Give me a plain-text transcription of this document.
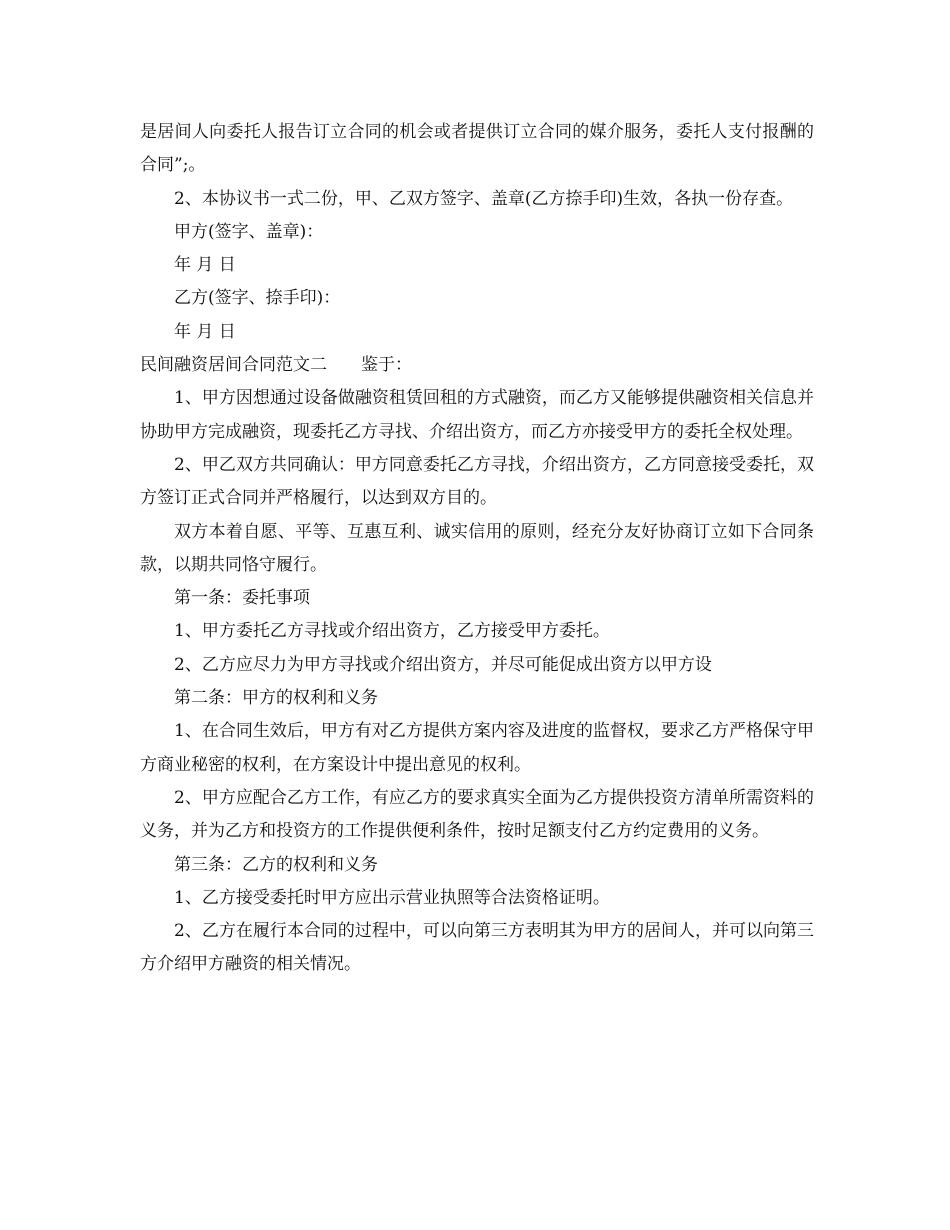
是居间人向委托人报告订立合同的机会或者提供订立合同的媒介服务，委托人支付报酬的合同”;。

2、本协议书一式二份，甲、乙双方签字、盖章(乙方捺手印)生效，各执一份存查。

甲方(签字、盖章)：

年 月 日

乙方(签字、捺手印)：

年 月 日

民间融资居间合同范文二　　鉴于：

1、甲方因想通过设备做融资租赁回租的方式融资，而乙方又能够提供融资相关信息并协助甲方完成融资，现委托乙方寻找、介绍出资方，而乙方亦接受甲方的委托全权处理。

2、甲乙双方共同确认：甲方同意委托乙方寻找，介绍出资方，乙方同意接受委托，双方签订正式合同并严格履行，以达到双方目的。

双方本着自愿、平等、互惠互利、诚实信用的原则，经充分友好协商订立如下合同条款，以期共同恪守履行。

第一条：委托事项

1、甲方委托乙方寻找或介绍出资方，乙方接受甲方委托。

2、乙方应尽力为甲方寻找或介绍出资方，并尽可能促成出资方以甲方设

第二条：甲方的权利和义务

1、在合同生效后，甲方有对乙方提供方案内容及进度的监督权，要求乙方严格保守甲方商业秘密的权利，在方案设计中提出意见的权利。

2、甲方应配合乙方工作，有应乙方的要求真实全面为乙方提供投资方清单所需资料的义务，并为乙方和投资方的工作提供便利条件，按时足额支付乙方约定费用的义务。

第三条：乙方的权利和义务

1、乙方接受委托时甲方应出示营业执照等合法资格证明。

2、乙方在履行本合同的过程中，可以向第三方表明其为甲方的居间人，并可以向第三方介绍甲方融资的相关情况。
